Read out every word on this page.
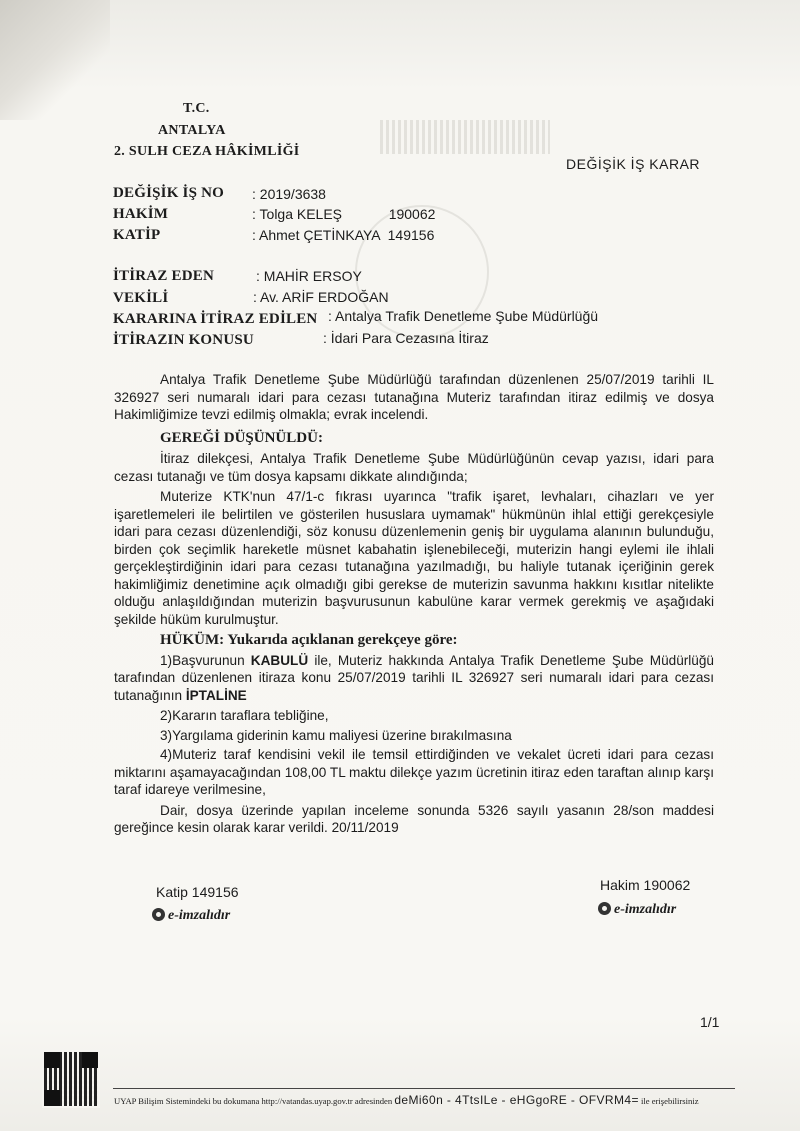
T.C.
ANTALYA
2. SULH CEZA HÂKİMLİĞİ
DEĞİŞİK İŞ KARAR
DEĞİŞİK İŞ NO : 2019/3638
HAKİM	: Tolga KELEŞ            190062
KATİP	: Ahmet ÇETİNKAYA  149156
İTİRAZ EDEN	: MAHİR ERSOY
VEKİLİ	: Av. ARİF ERDOĞAN
KARARINA İTİRAZ EDİLEN : Antalya Trafik Denetleme Şube Müdürlüğü
İTİRAZIN KONUSU	: İdari Para Cezasına İtiraz

Antalya Trafik Denetleme Şube Müdürlüğü tarafından düzenlenen 25/07/2019 tarihli IL 326927 seri numaralı idari para cezası tutanağına Muteriz tarafından itiraz edilmiş ve dosya Hakimliğimize tevzi edilmiş olmakla; evrak incelendi.

GEREĞİ DÜŞÜNÜLDÜ:

İtiraz dilekçesi, Antalya Trafik Denetleme Şube Müdürlüğünün cevap yazısı, idari para cezası tutanağı ve tüm dosya kapsamı dikkate alındığında;

Muterize KTK'nun 47/1-c fıkrası uyarınca "trafik işaret, levhaları, cihazları ve yer işaretlemeleri ile belirtilen ve gösterilen hususlara uymamak" hükmünün ihlal ettiği gerekçesiyle idari para cezası düzenlendiği, söz konusu düzenlemenin geniş bir uygulama alanının bulunduğu, birden çok seçimlik hareketle müsnet kabahatin işlenebileceği, muterizin hangi eylemi ile ihlali gerçekleştirdiğinin idari para cezası tutanağına yazılmadığı, bu haliyle tutanak içeriğinin gerek hakimliğimiz denetimine açık olmadığı gibi gerekse de muterizin savunma hakkını kısıtlar nitelikte olduğu anlaşıldığından muterizin başvurusunun kabulüne karar vermek gerekmiş ve aşağıdaki şekilde hüküm kurulmuştur.

HÜKÜM: Yukarıda açıklanan gerekçeye göre:

1)Başvurunun KABULÜ ile, Muteriz hakkında Antalya Trafik Denetleme Şube Müdürlüğü tarafından düzenlenen itiraza konu 25/07/2019 tarihli IL 326927 seri numaralı idari para cezası tutanağının İPTALİNE

2)Kararın taraflara tebliğine,

3)Yargılama giderinin kamu maliyesi üzerine bırakılmasına

4)Muteriz taraf kendisini vekil ile temsil ettirdiğinden ve vekalet ücreti idari para cezası miktarını aşamayacağından 108,00 TL maktu dilekçe yazım ücretinin itiraz eden taraftan alınıp karşı taraf idareye verilmesine,

Dair, dosya üzerinde yapılan inceleme sonunda 5326 sayılı yasanın 28/son maddesi gereğince kesin olarak karar verildi. 20/11/2019

Katip 149156
e-imzalıdır
Hakim 190062
e-imzalıdır
1/1
UYAP Bilişim Sistemindeki bu dokumana http://vatandas.uyap.gov.tr adresinden deMi60n - 4TtsILe - eHGgoRE - OFVRM4= ile erişebilirsiniz
